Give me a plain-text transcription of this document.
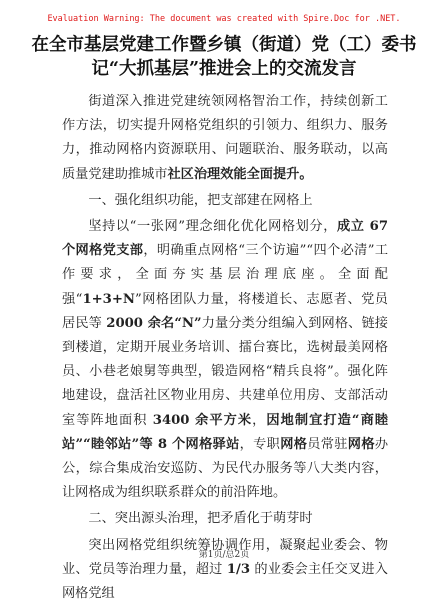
Evaluation Warning: The document was created with Spire.Doc for .NET.
在全市基层党建工作暨乡镇（街道）党（工）委书记“大抓基层”推进会上的交流发言

街道深入推进党建统领网格智治工作，持续创新工作方法，切实提升网格党组织的引领力、组织力、服务力，推动网格内资源联用、问题联治、服务联动，以高质量党建助推城市社区治理效能全面提升。

一、强化组织功能，把支部建在网格上

坚持以“一张网”理念细化优化网格划分，成立 67 个网格党支部，明确重点网格“三个访遍”“四个必清”工作要求，全面夯实基层治理底座。全面配强“1+3+N”网格团队力量，将楼道长、志愿者、党员居民等 2000 余名“N”力量分类分组编入到网格、链接到楼道，定期开展业务培训、擂台赛比，选树最美网格员、小巷老娘舅等典型，锻造网格“精兵良将”。强化阵地建设，盘活社区物业用房、共建单位用房、支部活动室等阵地面积 3400 余平方米，因地制宜打造“商睦站”“睦邻站”等 8 个网格驿站，专职网格员常驻网格办公，综合集成治安巡防、为民代办服务等八大类内容，让网格成为组织联系群众的前沿阵地。

二、突出源头治理，把矛盾化于萌芽时

突出网格党组织统筹协调作用，凝聚起业委会、物业、党员等治理力量，超过 1/3 的业委会主任交叉进入网格党组

第1页/总2页
